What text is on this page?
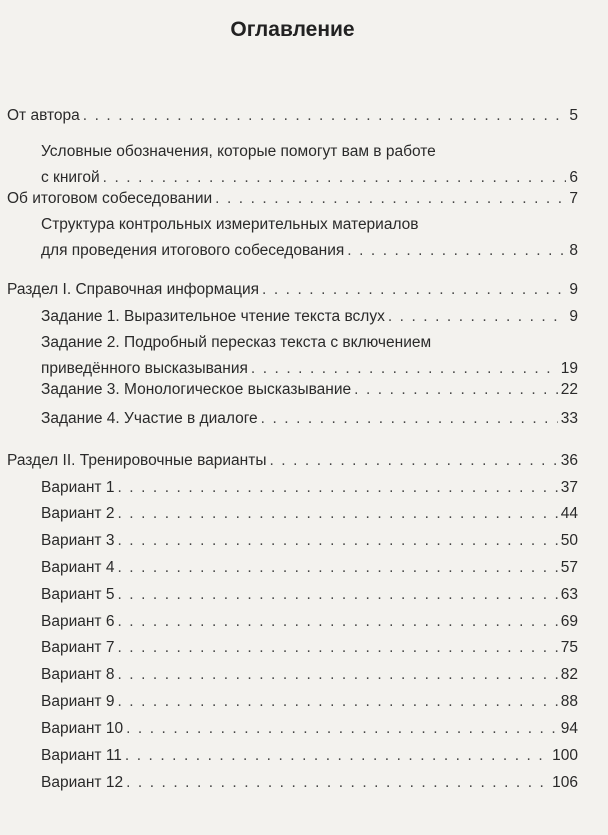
Оглавление
От автора . . .	5
Условные обозначения, которые помогут вам в работе
с книгой . . .	6
Об итоговом собеседовании . . .	7
Структура контрольных измерительных материалов
для проведения итогового собеседования . . .	8
Раздел I. Справочная информация . . .	9
Задание 1. Выразительное чтение текста вслух . . .	9
Задание 2. Подробный пересказ текста с включением
приведённого высказывания . . .	19
Задание 3. Монологическое высказывание . . .	22
Задание 4. Участие в диалоге . . .	33
Раздел II. Тренировочные варианты . . .	36
Вариант 1 . . .	37
Вариант 2 . . .	44
Вариант 3 . . .	50
Вариант 4 . . .	57
Вариант 5 . . .	63
Вариант 6 . . .	69
Вариант 7 . . .	75
Вариант 8 . . .	82
Вариант 9 . . .	88
Вариант 10 . . .	94
Вариант 11 . . .	100
Вариант 12 . . .	106
